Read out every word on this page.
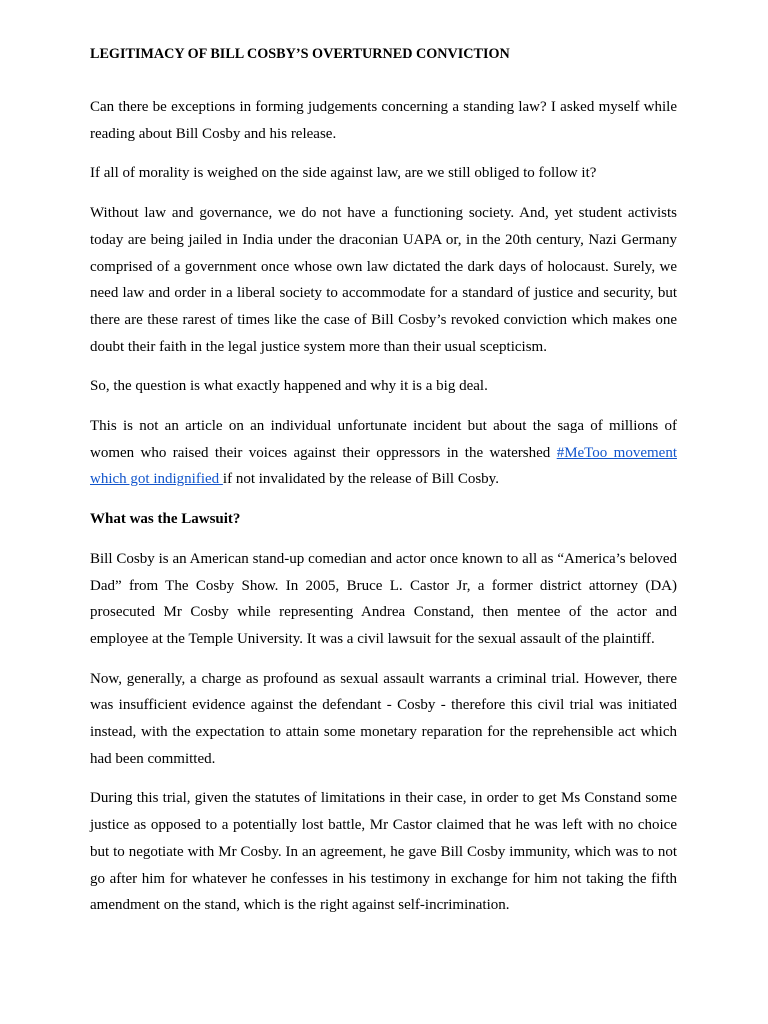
LEGITIMACY OF BILL COSBY’S OVERTURNED CONVICTION

Can there be exceptions in forming judgements concerning a standing law? I asked myself while reading about Bill Cosby and his release.

If all of morality is weighed on the side against law, are we still obliged to follow it?

Without law and governance, we do not have a functioning society. And, yet student activists today are being jailed in India under the draconian UAPA or, in the 20th century, Nazi Germany comprised of a government once whose own law dictated the dark days of holocaust. Surely, we need law and order in a liberal society to accommodate for a standard of justice and security, but there are these rarest of times like the case of Bill Cosby’s revoked conviction which makes one doubt their faith in the legal justice system more than their usual scepticism.

So, the question is what exactly happened and why it is a big deal.

This is not an article on an individual unfortunate incident but about the saga of millions of women who raised their voices against their oppressors in the watershed #MeToo movement which got indignified if not invalidated by the release of Bill Cosby.

What was the Lawsuit?

Bill Cosby is an American stand-up comedian and actor once known to all as “America’s beloved Dad” from The Cosby Show. In 2005, Bruce L. Castor Jr, a former district attorney (DA) prosecuted Mr Cosby while representing Andrea Constand, then mentee of the actor and employee at the Temple University. It was a civil lawsuit for the sexual assault of the plaintiff.

Now, generally, a charge as profound as sexual assault warrants a criminal trial. However, there was insufficient evidence against the defendant - Cosby - therefore this civil trial was initiated instead, with the expectation to attain some monetary reparation for the reprehensible act which had been committed.

During this trial, given the statutes of limitations in their case, in order to get Ms Constand some justice as opposed to a potentially lost battle, Mr Castor claimed that he was left with no choice but to negotiate with Mr Cosby. In an agreement, he gave Bill Cosby immunity, which was to not go after him for whatever he confesses in his testimony in exchange for him not taking the fifth amendment on the stand, which is the right against self-incrimination.
